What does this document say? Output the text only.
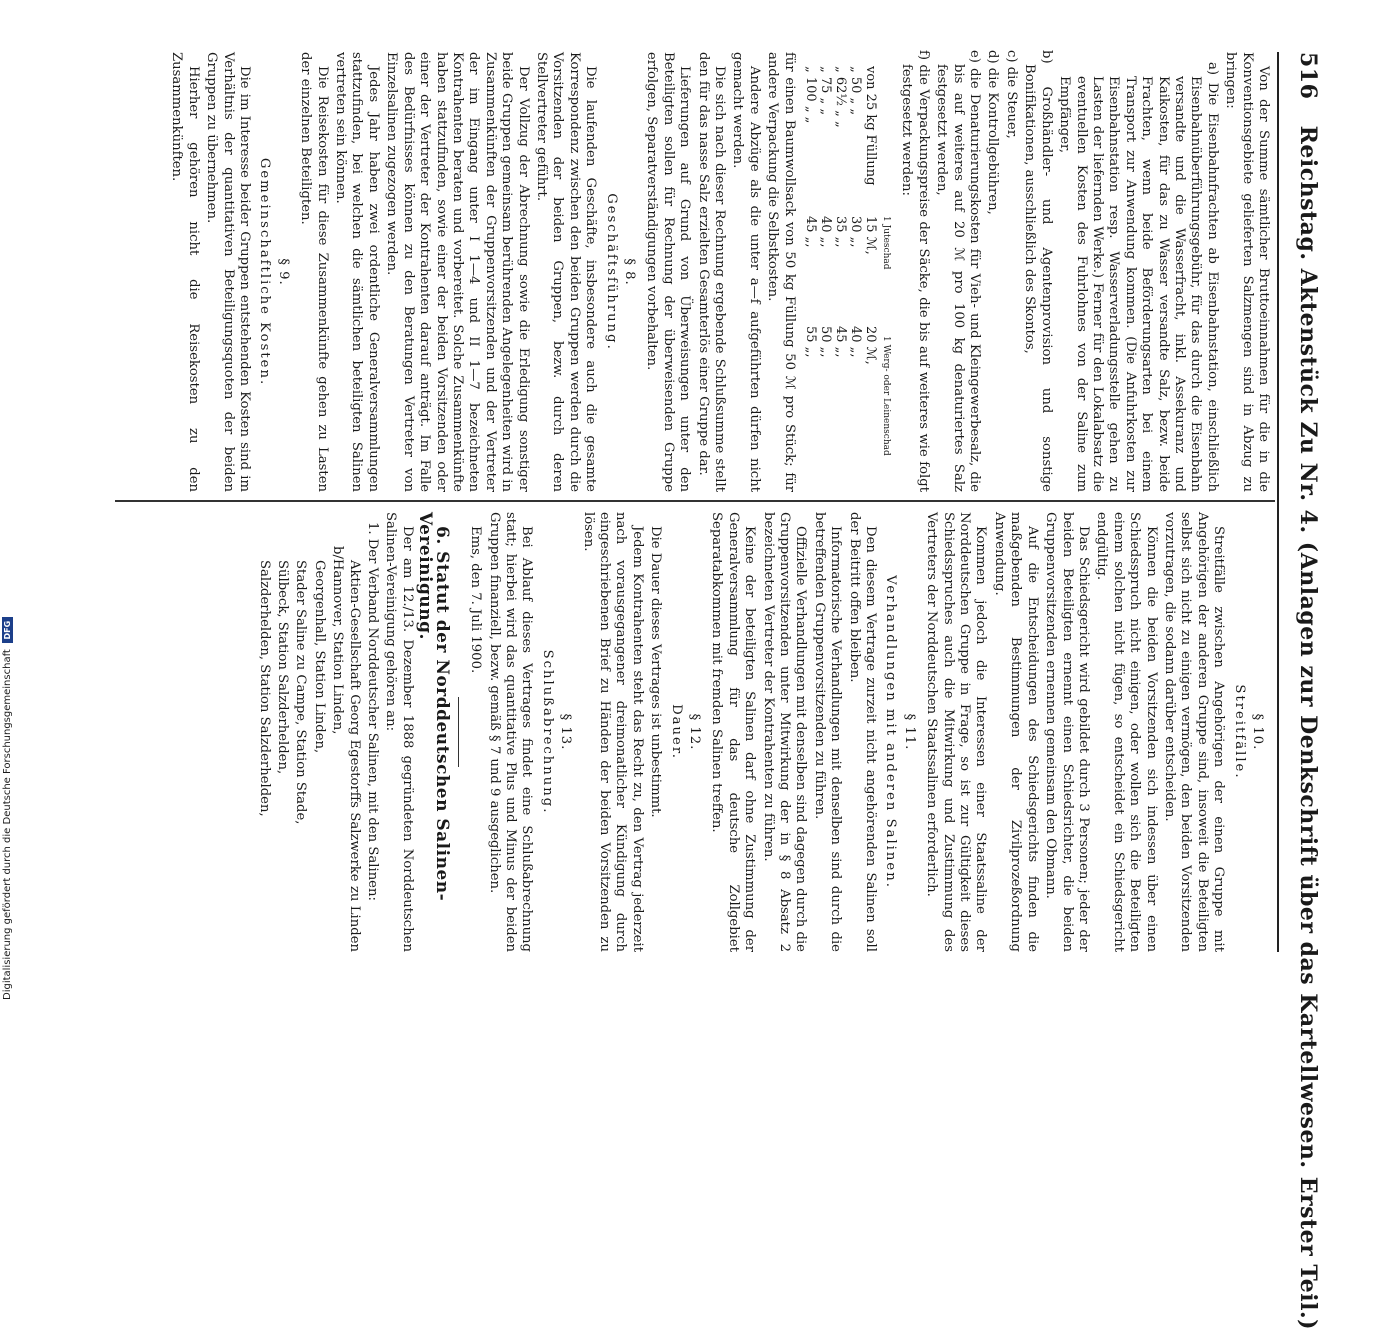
516 Reichstag. Aktenstück Zu Nr. 4. (Anlagen zur Denkschrift über das Kartellwesen. Erster Teil.)

Von der Summe sämtlicher Bruttoeinnahmen für die in die Konventionsgebiete gelieferten Salzmengen sind in Abzug zu bringen:

a) Die Eisenbahnfrachten ab Eisenbahnstation, einschließlich Eisenbahnüberführungsgebühr, für das durch die Eisenbahn versandte und die Wasserfracht, inkl. Assekuranz und Kaikosten, für das zu Wasser versandte Salz, bezw. beide Frachten, wenn beide Beförderungsarten bei einem Transport zur Anwendung kommen. (Die Anfuhrkosten zur Eisenbahnstation resp. Wasserverladungsstelle gehen zu Lasten der liefernden Werke.) Ferner für den Lokalabsatz die eventuellen Kosten des Fuhrlohnes von der Saline zum Empfänger,

b) Großhändler- und Agentenprovision und sonstige Bonifikationen, ausschließlich des Skontos,

c) die Steuer,

d) die Kontrollgebühren,

e) die Denaturierungskosten für Vieh- und Kleingewerbesalz, die bis auf weiteres auf 20 ℳ pro 100 kg denaturiertes Salz festgesetzt werden,

f) die Verpackungspreise der Säcke, die bis auf weiteres wie folgt festgesetzt werden:

1 Juteschad
1 Werg- oder Leinenschad
von 25 kg Füllung
15 ℳ,
20 ℳ,
„ 50 „ „
30 „,
40 „,
„ 62½ „ „
35 „,
45 „,
„ 75 „ „
40 „,
50 „,
„ 100 „ „
45 „,
55 „,

für einen Baumwollsack von 50 kg Füllung 50 ℳ pro Stück; für andere Verpackung die Selbstkosten.

Andere Abzüge als die unter a—f aufgeführten dürfen nicht gemacht werden.

Die sich nach dieser Rechnung ergebende Schlußsumme stellt den für das nasse Salz erzielten Gesamterlös einer Gruppe dar.

Lieferungen auf Grund von Überweisungen unter den Beteiligten sollen für Rechnung der überweisenden Gruppe erfolgen, Separatverständigungen vorbehalten.

§ 8.

Geschäftsführung.

Die laufenden Geschäfte, insbesondere auch die gesamte Korrespondenz zwischen den beiden Gruppen werden durch die Vorsitzenden der beiden Gruppen, bezw. durch deren Stellvertreter geführt.

Der Vollzug der Abrechnung sowie die Erledigung sonstiger beide Gruppen gemeinsam berührenden Angelegenheiten wird in Zusammenkünften der Gruppenvorsitzenden und der Vertreter der im Eingang unter I 1—4 und II 1—7 bezeichneten Kontrahenten beraten und vorbereitet. Solche Zusammenkünfte haben stattzufinden, sowie einer der beiden Vorsitzenden oder einer der Vertreter der Kontrahenten darauf anträgt. Im Falle des Bedürfnisses können zu den Beratungen Vertreter von Einzelsalinen zugezogen werden.

Jedes Jahr haben zwei ordentliche Generalversammlungen stattzufinden, bei welchen die sämtlichen beteiligten Salinen vertreten sein können.

Die Reisekosten für diese Zusammenkünfte gehen zu Lasten der einzelnen Beteiligten.

§ 9.

Gemeinschaftliche Kosten.

Die im Interesse beider Gruppen entstehenden Kosten sind im Verhältnis der quantitativen Beteiligungsquoten der beiden Gruppen zu übernehmen.

Hierher gehören nicht die Reisekosten zu den Zusammenkünften.

§ 10.

Streitfälle.

Streitfälle zwischen Angehörigen der einen Gruppe mit Angehörigen der anderen Gruppe sind, insoweit die Beteiligten selbst sich nicht zu einigen vermögen, den beiden Vorsitzenden vorzutragen, die sodann darüber entscheiden.

Können die beiden Vorsitzenden sich indessen über einen Schiedsspruch nicht einigen, oder wollen sich die Beteiligten einem solchen nicht fügen, so entscheidet ein Schiedsgericht endgültig.

Das Schiedsgericht wird gebildet durch 3 Personen; jeder der beiden Beteiligten ernennt einen Schiedsrichter, die beiden Gruppenvorsitzenden ernennen gemeinsam den Obmann.

Auf die Entscheidungen des Schiedsgerichts finden die maßgebenden Bestimmungen der Zivilprozeßordnung Anwendung.

Kommen jedoch die Interessen einer Staatssaline der Norddeutschen Gruppe in Frage, so ist zur Gültigkeit dieses Schiedsspruches auch die Mitwirkung und Zustimmung des Vertreters der Norddeutschen Staatssalinen erforderlich.

§ 11.

Verhandlungen mit anderen Salinen.

Den diesem Vertrage zurzeit nicht angehörenden Salinen soll der Beitritt offen bleiben.

Informatorische Verhandlungen mit denselben sind durch die betreffenden Gruppenvorsitzenden zu führen.

Offizielle Verhandlungen mit denselben sind dagegen durch die Gruppenvorsitzenden unter Mitwirkung der in § 8 Absatz 2 bezeichneten Vertreter der Kontrahenten zu führen.

Keine der beteiligten Salinen darf ohne Zustimmung der Generalversammlung für das deutsche Zollgebiet Separatabkommen mit fremden Salinen treffen.

§ 12.

Dauer.

Die Dauer dieses Vertrages ist unbestimmt.

Jedem Kontrahenten steht das Recht zu, den Vertrag jederzeit nach vorausgegangener dreimonatlicher Kündigung durch eingeschriebenen Brief zu Händen der beiden Vorsitzenden zu lösen.

§ 13.

Schlußabrechnung.

Bei Ablauf dieses Vertrages findet eine Schlußabrechnung statt; hierbei wird das quantitative Plus und Minus der beiden Gruppen finanziell, bezw. gemäß § 7 und 9 ausgeglichen.

Ems, den 7. Juli 1900.

6. Statut der Norddeutschen Salinen-Vereinigung.

Der am 12./13. Dezember 1888 gegründeten Norddeutschen Salinen-Vereinigung gehören an:

1. Der Verband Norddeutscher Salinen, mit den Salinen:

Aktien-Gesellschaft Georg Egestorffs Salzwerke zu Linden b/Hannover, Station Linden,

Georgenhall, Station Linden,

Stader Saline zu Campe, Station Stade,

Sülbeck, Station Salzderhelden,

Salzderhelden, Station Salzderhelden,

Digitalisierung gefördert durch die Deutsche Forschungsgemeinschaft
DFG
